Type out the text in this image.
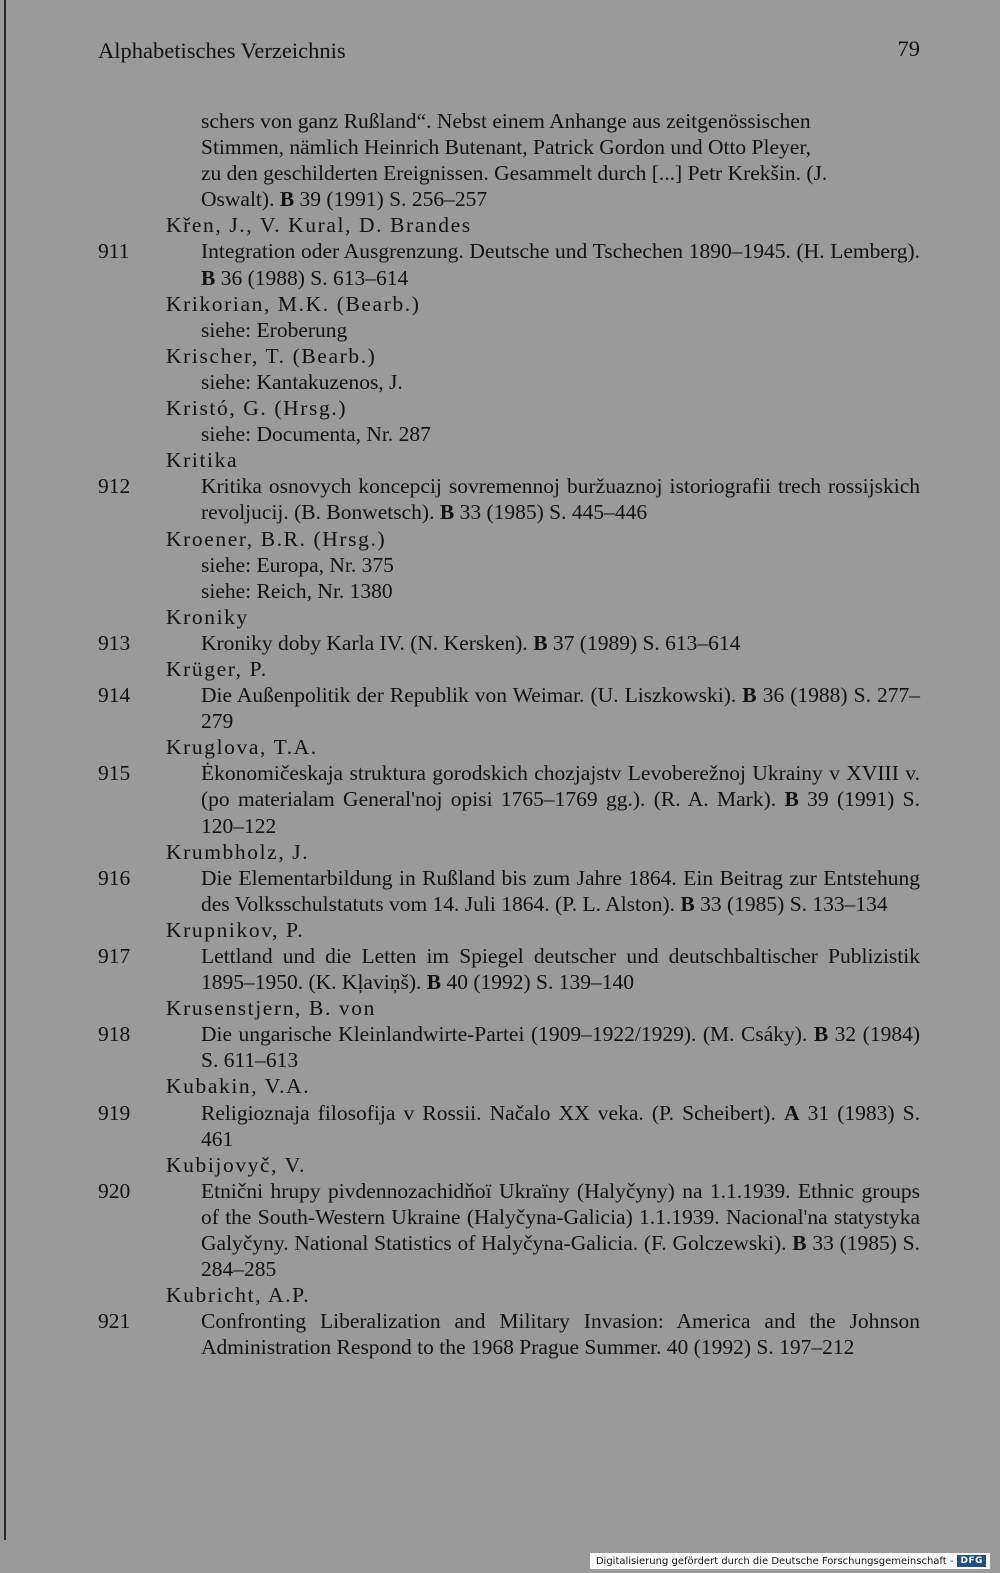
Alphabetisches Verzeichnis	79
schers von ganz Rußland“. Nebst einem Anhange aus zeitgenössischen
Stimmen, nämlich Heinrich Butenant, Patrick Gordon und Otto Pleyer,
zu den geschilderten Ereignissen. Gesammelt durch [...] Petr Krekšin. (J.
Oswalt). B 39 (1991) S. 256–257
Křen, J., V. Kural, D. Brandes
911	Integration oder Ausgrenzung. Deutsche und Tschechen 1890–1945. (H. Lemberg). B 36 (1988) S. 613–614
Krikorian, M.K. (Bearb.)
siehe: Eroberung
Krischer, T. (Bearb.)
siehe: Kantakuzenos, J.
Kristó, G. (Hrsg.)
siehe: Documenta, Nr. 287
Kritika
912	Kritika osnovych koncepcij sovremennoj buržuaznoj istoriografii trech rossijskich revoljucij. (B. Bonwetsch). B 33 (1985) S. 445–446
Kroener, B.R. (Hrsg.)
siehe: Europa, Nr. 375
siehe: Reich, Nr. 1380
Kroniky
913	Kroniky doby Karla IV. (N. Kersken). B 37 (1989) S. 613–614
Krüger, P.
914	Die Außenpolitik der Republik von Weimar. (U. Liszkowski). B 36 (1988) S. 277–279
Kruglova, T.A.
915	Ėkonomičeskaja struktura gorodskich chozjajstv Levoberežnoj Ukrainy v XVIII v. (po materialam General'noj opisi 1765–1769 gg.). (R. A. Mark). B 39 (1991) S. 120–122
Krumbholz, J.
916	Die Elementarbildung in Rußland bis zum Jahre 1864. Ein Beitrag zur Entstehung des Volksschulstatuts vom 14. Juli 1864. (P. L. Alston). B 33 (1985) S. 133–134
Krupnikov, P.
917	Lettland und die Letten im Spiegel deutscher und deutschbaltischer Publizistik 1895–1950. (K. Kļaviņš). B 40 (1992) S. 139–140
Krusenstjern, B. von
918	Die ungarische Kleinlandwirte-Partei (1909–1922/1929). (M. Csáky). B 32 (1984) S. 611–613
Kubakin, V.A.
919	Religioznaja filosofija v Rossii. Načalo XX veka. (P. Scheibert). A 31 (1983) S. 461
Kubijovyč, V.
920	Etnični hrupy pivdennozachidňoï Ukraïny (Halyčyny) na 1.1.1939. Ethnic groups of the South-Western Ukraine (Halyčyna-Galicia) 1.1.1939. Nacional'na statystyka Galyčyny. National Statistics of Halyčyna-Galicia. (F. Golczewski). B 33 (1985) S. 284–285
Kubricht, A.P.
921	Confronting Liberalization and Military Invasion: America and the Johnson Administration Respond to the 1968 Prague Summer. 40 (1992) S. 197–212
Digitalisierung gefördert durch die Deutsche Forschungsgemeinschaft - DFG
